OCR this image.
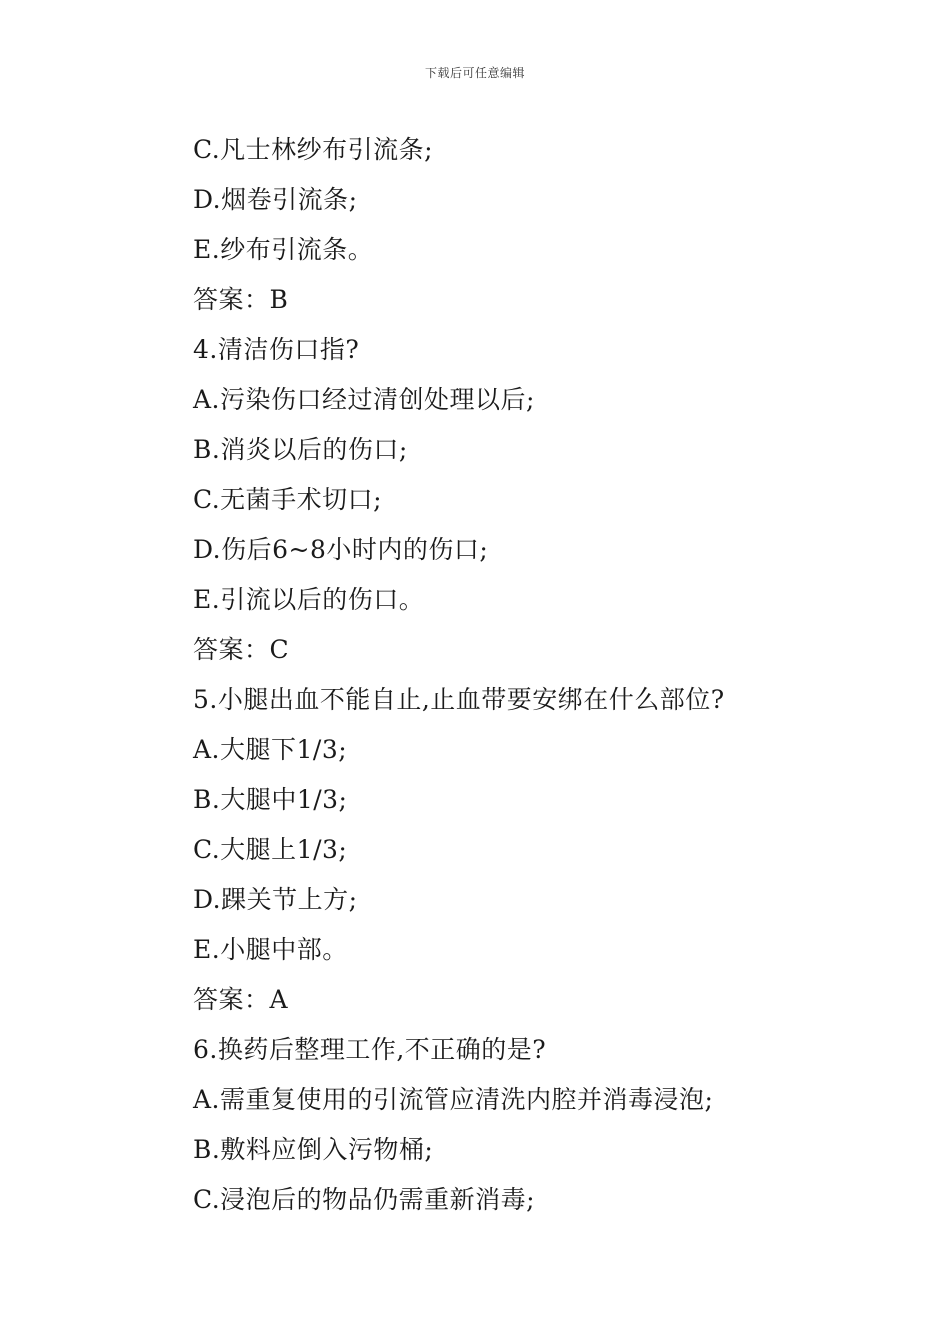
下载后可任意编辑
C.凡士林纱布引流条;
D.烟卷引流条;
E.纱布引流条。
答案：B
4.清洁伤口指?
A.污染伤口经过清创处理以后;
B.消炎以后的伤口;
C.无菌手术切口;
D.伤后6~8小时内的伤口;
E.引流以后的伤口。
答案：C
5.小腿出血不能自止,止血带要安绑在什么部位?
A.大腿下1/3;
B.大腿中1/3;
C.大腿上1/3;
D.踝关节上方;
E.小腿中部。
答案：A
6.换药后整理工作,不正确的是?
A.需重复使用的引流管应清洗内腔并消毒浸泡;
B.敷料应倒入污物桶;
C.浸泡后的物品仍需重新消毒;
